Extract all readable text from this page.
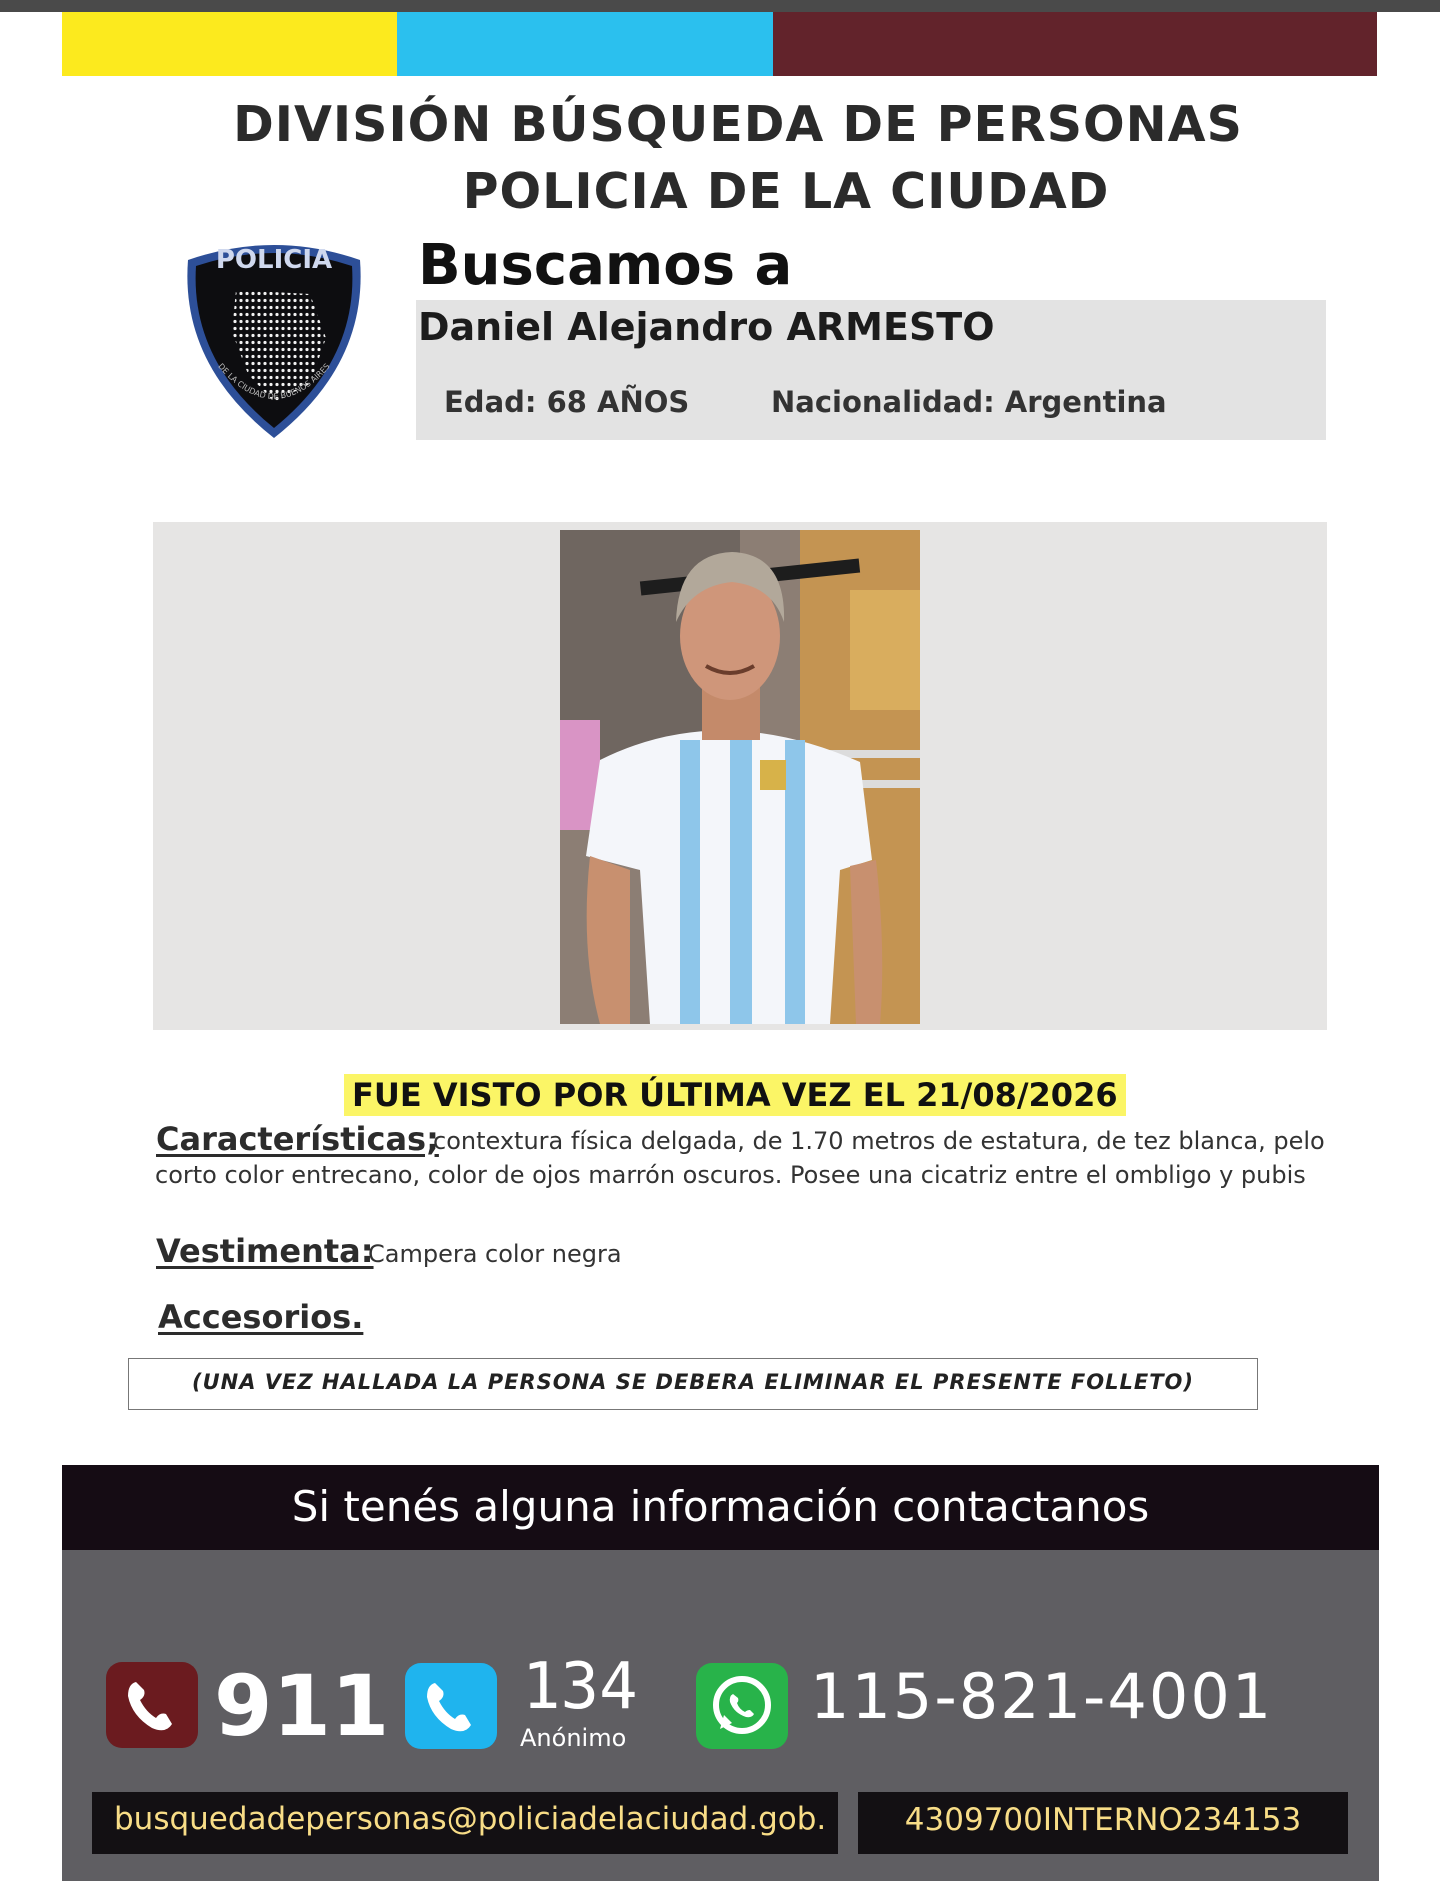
DIVISIÓN BÚSQUEDA DE PERSONAS
POLICIA DE LA CIUDAD
POLICIA
DE LA CIUDAD DE BUENOS AIRES
Buscamos a
Daniel Alejandro ARMESTO
Edad: 68 AÑOS	Nacionalidad: Argentina
FUE VISTO POR ÚLTIMA VEZ EL 21/08/2026
Características;
contextura física delgada, de 1.70 metros de estatura, de tez blanca, pelo
corto color entrecano, color de ojos marrón oscuros. Posee una cicatriz entre el ombligo y pubis
Vestimenta:
Campera color negra
Accesorios.
(UNA VEZ HALLADA LA PERSONA SE DEBERA ELIMINAR EL PRESENTE FOLLETO)
Si tenés alguna información contactanos
911 134
Anónimo
115-821-4001
busquedadepersonas@policiadelaciudad.gob.	4309700INTERNO234153
